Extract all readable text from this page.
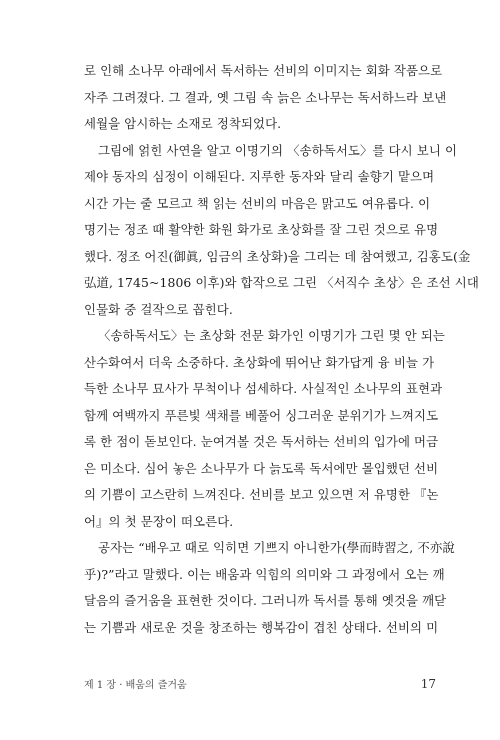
로 인해 소나무 아래에서 독서하는 선비의 이미지는 회화 작품으로
자주 그려졌다. 그 결과, 옛 그림 속 늙은 소나무는 독서하느라 보낸
세월을 암시하는 소재로 정착되었다.
그림에 얽힌 사연을 알고 이명기의 〈송하독서도〉를 다시 보니 이
제야 동자의 심정이 이해된다. 지루한 동자와 달리 솔향기 맡으며
시간 가는 줄 모르고 책 읽는 선비의 마음은 맑고도 여유롭다. 이
명기는 정조 때 활약한 화원 화가로 초상화를 잘 그린 것으로 유명
했다. 정조 어진(御眞, 임금의 초상화)을 그리는 데 참여했고, 김홍도(金
弘道, 1745~1806 이후)와 합작으로 그린 〈서직수 초상〉은 조선 시대
인물화 중 걸작으로 꼽힌다.
〈송하독서도〉는 초상화 전문 화가인 이명기가 그린 몇 안 되는
산수화여서 더욱 소중하다. 초상화에 뛰어난 화가답게 융 비늘 가
득한 소나무 묘사가 무척이나 섬세하다. 사실적인 소나무의 표현과
함께 여백까지 푸른빛 색채를 베풀어 싱그러운 분위기가 느껴지도
록 한 점이 돋보인다. 눈여겨볼 것은 독서하는 선비의 입가에 머금
은 미소다. 심어 놓은 소나무가 다 늙도록 독서에만 몰입했던 선비
의 기쁨이 고스란히 느껴진다. 선비를 보고 있으면 저 유명한 『논
어』의 첫 문장이 떠오른다.
공자는 “배우고 때로 익히면 기쁘지 아니한가(學而時習之, 不亦說
乎)?”라고 말했다. 이는 배움과 익힘의 의미와 그 과정에서 오는 깨
달음의 즐거움을 표현한 것이다. 그러니까 독서를 통해 옛것을 깨닫
는 기쁨과 새로운 것을 창조하는 행복감이 겹친 상태다. 선비의 미
제 1 장 · 배움의 즐거움	17
